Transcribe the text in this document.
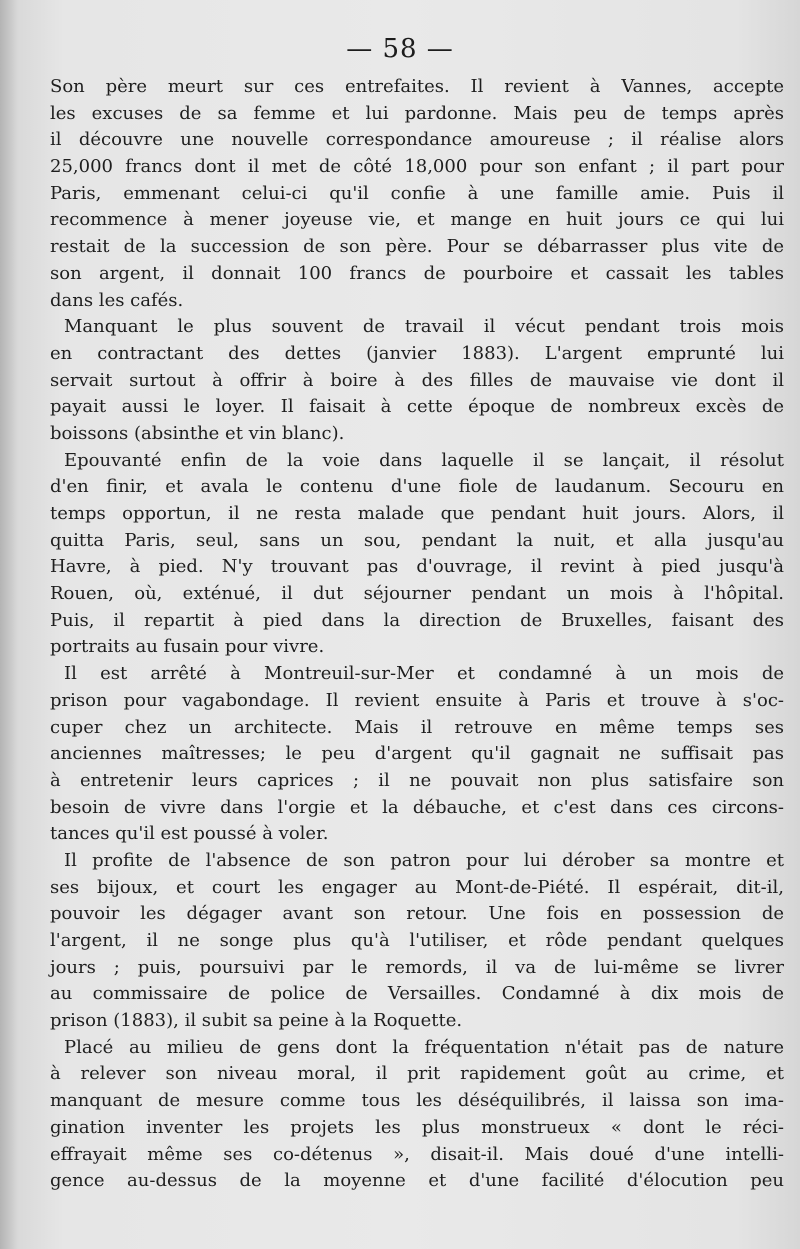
— 58 —
Son père meurt sur ces entrefaites. Il revient à Vannes, accepte
les excuses de sa femme et lui pardonne. Mais peu de temps après
il découvre une nouvelle correspondance amoureuse ; il réalise alors
25,000 francs dont il met de côté 18,000 pour son enfant ; il part pour
Paris, emmenant celui-ci qu'il confie à une famille amie. Puis il
recommence à mener joyeuse vie, et mange en huit jours ce qui lui
restait de la succession de son père. Pour se débarrasser plus vite de
son argent, il donnait 100 francs de pourboire et cassait les tables
dans les cafés.
Manquant le plus souvent de travail il vécut pendant trois mois
en contractant des dettes (janvier 1883). L'argent emprunté lui
servait surtout à offrir à boire à des filles de mauvaise vie dont il
payait aussi le loyer. Il faisait à cette époque de nombreux excès de
boissons (absinthe et vin blanc).
Epouvanté enfin de la voie dans laquelle il se lançait, il résolut
d'en finir, et avala le contenu d'une fiole de laudanum. Secouru en
temps opportun, il ne resta malade que pendant huit jours. Alors, il
quitta Paris, seul, sans un sou, pendant la nuit, et alla jusqu'au
Havre, à pied. N'y trouvant pas d'ouvrage, il revint à pied jusqu'à
Rouen, où, exténué, il dut séjourner pendant un mois à l'hôpital.
Puis, il repartit à pied dans la direction de Bruxelles, faisant des
portraits au fusain pour vivre.
Il est arrêté à Montreuil-sur-Mer et condamné à un mois de
prison pour vagabondage. Il revient ensuite à Paris et trouve à s'oc-
cuper chez un architecte. Mais il retrouve en même temps ses
anciennes maîtresses; le peu d'argent qu'il gagnait ne suffisait pas
à entretenir leurs caprices ; il ne pouvait non plus satisfaire son
besoin de vivre dans l'orgie et la débauche, et c'est dans ces circons-
tances qu'il est poussé à voler.
Il profite de l'absence de son patron pour lui dérober sa montre et
ses bijoux, et court les engager au Mont-de-Piété. Il espérait, dit-il,
pouvoir les dégager avant son retour. Une fois en possession de
l'argent, il ne songe plus qu'à l'utiliser, et rôde pendant quelques
jours ; puis, poursuivi par le remords, il va de lui-même se livrer
au commissaire de police de Versailles. Condamné à dix mois de
prison (1883), il subit sa peine à la Roquette.
Placé au milieu de gens dont la fréquentation n'était pas de nature
à relever son niveau moral, il prit rapidement goût au crime, et
manquant de mesure comme tous les déséquilibrés, il laissa son ima-
gination inventer les projets les plus monstrueux « dont le réci-
effrayait même ses co-détenus », disait-il. Mais doué d'une intelli-
gence au-dessus de la moyenne et d'une facilité d'élocution peu
